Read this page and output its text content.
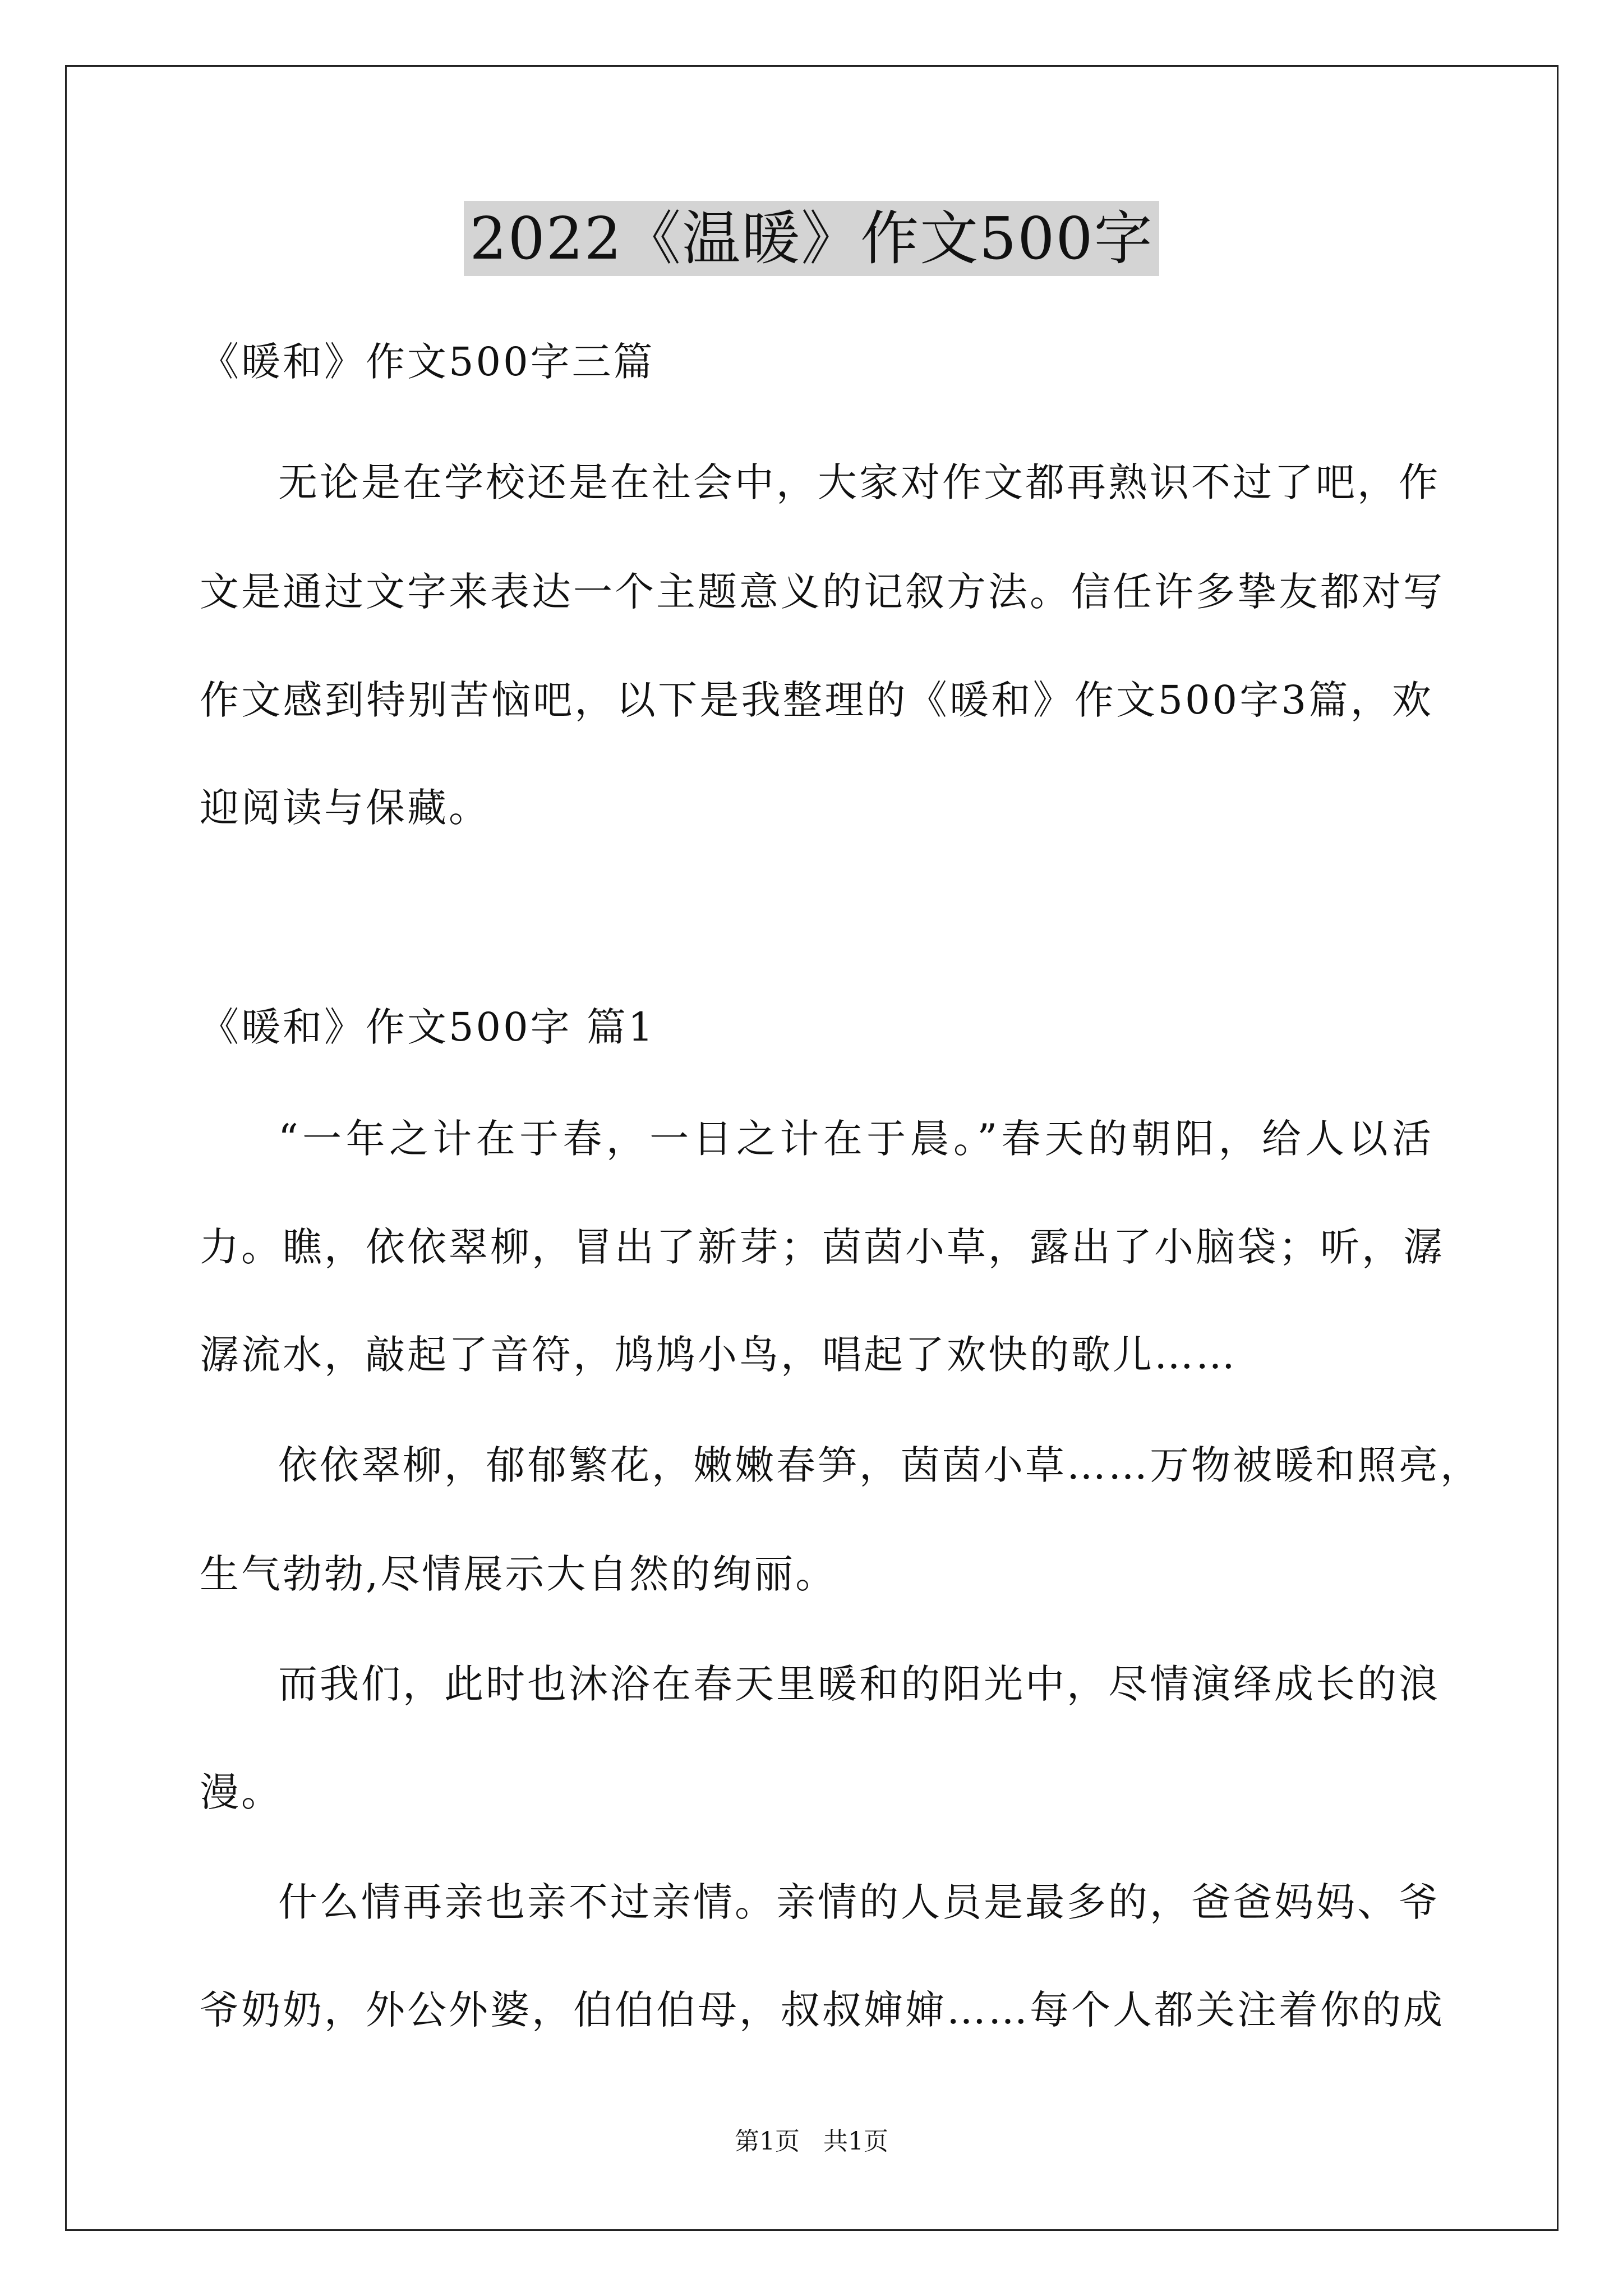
2022《温暖》作文500字
《暖和》作文500字三篇
无论是在学校还是在社会中，大家对作文都再熟识不过了吧，作
文是通过文字来表达一个主题意义的记叙方法。信任许多挚友都对写
作文感到特别苦恼吧，以下是我整理的《暖和》作文500字3篇，欢
迎阅读与保藏。
《暖和》作文500字 篇1
“一年之计在于春，一日之计在于晨。”春天的朝阳，给人以活
力。瞧，依依翠柳，冒出了新芽；茵茵小草，露出了小脑袋；听，潺
潺流水，敲起了音符，鸠鸠小鸟，唱起了欢快的歌儿……
依依翠柳，郁郁繁花，嫩嫩春笋，茵茵小草……万物被暖和照亮，
生气勃勃,尽情展示大自然的绚丽。
而我们，此时也沐浴在春天里暖和的阳光中，尽情演绎成长的浪
漫。
什么情再亲也亲不过亲情。亲情的人员是最多的，爸爸妈妈、爷
爷奶奶，外公外婆，伯伯伯母，叔叔婶婶……每个人都关注着你的成
第1页 共1页
